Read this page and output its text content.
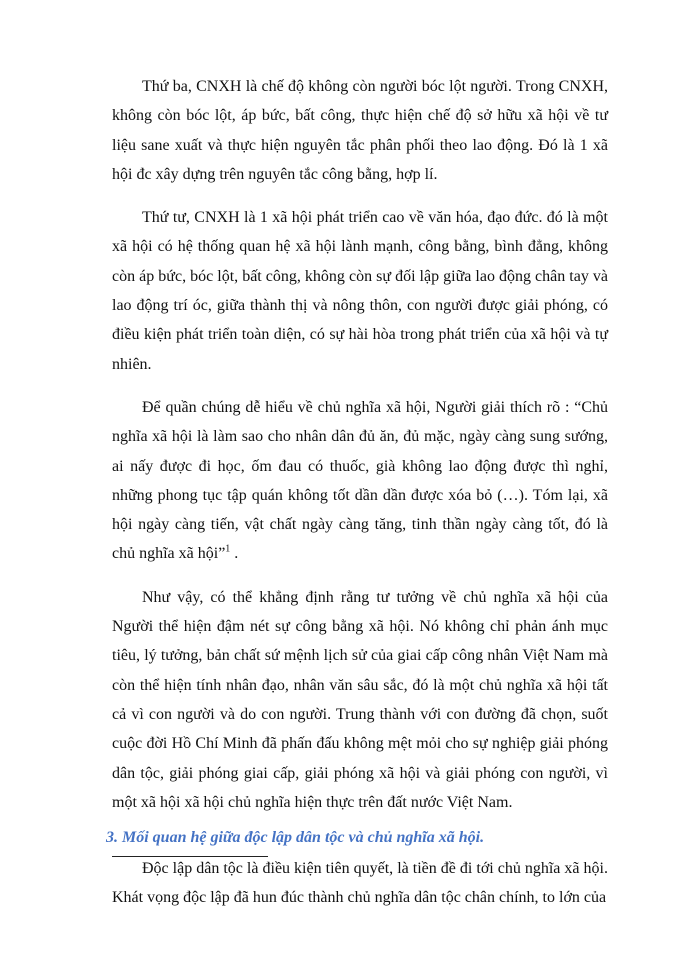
Thứ ba, CNXH là chế độ không còn người bóc lột người. Trong CNXH, không còn bóc lột, áp bức, bất công, thực hiện chế độ sở hữu xã hội về tư liệu sane xuất và thực hiện nguyên tắc phân phối theo lao động. Đó là 1 xã hội đc xây dựng trên nguyên tắc công bằng, hợp lí.

Thứ tư, CNXH là 1 xã hội phát triển cao về văn hóa, đạo đức. đó là một xã hội có hệ thống quan hệ xã hội lành mạnh, công bằng, bình đẳng, không còn áp bức, bóc lột, bất công, không còn sự đối lập giữa lao động chân tay và lao động trí óc, giữa thành thị và nông thôn, con người được giải phóng, có điều kiện phát triển toàn diện, có sự hài hòa trong phát triển của xã hội và tự nhiên.

Để quần chúng dễ hiểu về chủ nghĩa xã hội, Người giải thích rõ : “Chủ nghĩa xã hội là làm sao cho nhân dân đủ ăn, đủ mặc, ngày càng sung sướng, ai nấy được đi học, ốm đau có thuốc, già không lao động được thì nghỉ, những phong tục tập quán không tốt dần dần được xóa bỏ (…). Tóm lại, xã hội ngày càng tiến, vật chất ngày càng tăng, tinh thần ngày càng tốt, đó là chủ nghĩa xã hội”$^1$ .

Như vậy, có thể khẳng định rằng tư tưởng về chủ nghĩa xã hội của Người thể hiện đậm nét sự công bằng xã hội. Nó không chỉ phản ánh mục tiêu, lý tưởng, bản chất sứ mệnh lịch sử của giai cấp công nhân Việt Nam mà còn thể hiện tính nhân đạo, nhân văn sâu sắc, đó là một chủ nghĩa xã hội tất cả vì con người và do con người. Trung thành với con đường đã chọn, suốt cuộc đời Hồ Chí Minh đã phấn đấu không mệt mỏi cho sự nghiệp giải phóng dân tộc, giải phóng giai cấp, giải phóng xã hội và giải phóng con người, vì một xã hội xã hội chủ nghĩa hiện thực trên đất nước Việt Nam.

3. Mối quan hệ giữa độc lập dân tộc và chủ nghĩa xã hội.

Độc lập dân tộc là điều kiện tiên quyết, là tiền đề đi tới chủ nghĩa xã hội. Khát vọng độc lập đã hun đúc thành chủ nghĩa dân tộc chân chính, to lớn của
